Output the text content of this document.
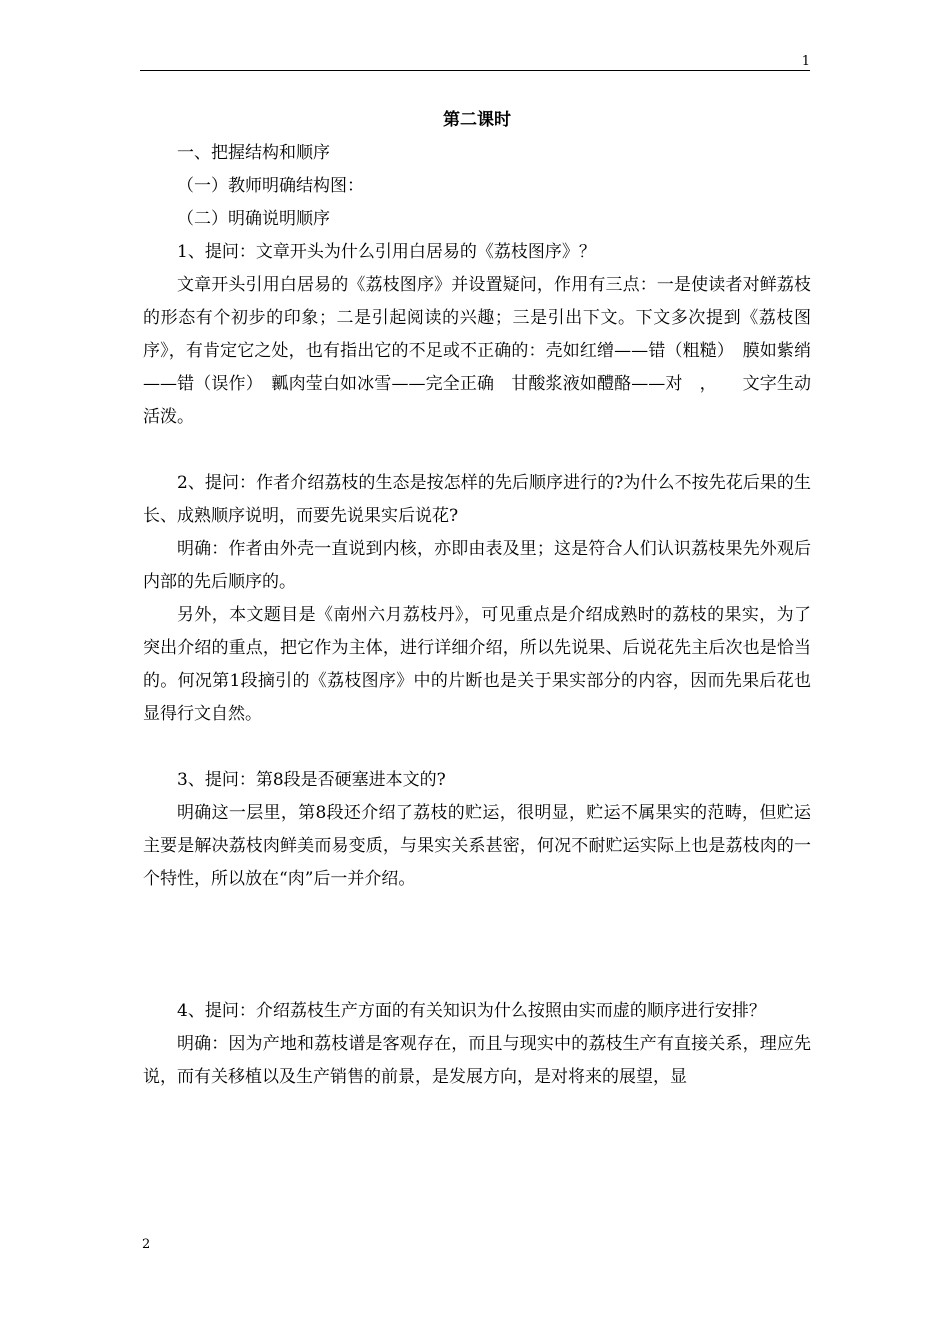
1

第二课时

一、把握结构和顺序

（一）教师明确结构图：

（二）明确说明顺序

1、提问：文章开头为什么引用白居易的《荔枝图序》？

文章开头引用白居易的《荔枝图序》并设置疑问，作用有三点：一是使读者对鲜荔枝的形态有个初步的印象；二是引起阅读的兴趣；三是引出下文。下文多次提到《荔枝图序》，有肯定它之处，也有指出它的不足或不正确的：壳如红缯——错（粗糙）　膜如紫绡——错（误作）　瓤肉莹白如冰雪——完全正确　甘酸浆液如醴酪——对　，　　文字生动活泼。

2、提问：作者介绍荔枝的生态是按怎样的先后顺序进行的?为什么不按先花后果的生长、成熟顺序说明，而要先说果实后说花?

明确：作者由外壳一直说到内核，亦即由表及里；这是符合人们认识荔枝果先外观后内部的先后顺序的。

另外，本文题目是《南州六月荔枝丹》，可见重点是介绍成熟时的荔枝的果实，为了突出介绍的重点，把它作为主体，进行详细介绍，所以先说果、后说花先主后次也是恰当的。何况第1段摘引的《荔枝图序》中的片断也是关于果实部分的内容，因而先果后花也显得行文自然。

3、提问：第8段是否硬塞进本文的?

明确这一层里，第8段还介绍了荔枝的贮运，很明显，贮运不属果实的范畴，但贮运主要是解决荔枝肉鲜美而易变质，与果实关系甚密，何况不耐贮运实际上也是荔枝肉的一个特性，所以放在“肉”后一并介绍。

4、提问：介绍荔枝生产方面的有关知识为什么按照由实而虚的顺序进行安排？

明确：因为产地和荔枝谱是客观存在，而且与现实中的荔枝生产有直接关系，理应先说，而有关移植以及生产销售的前景，是发展方向，是对将来的展望，显

2
